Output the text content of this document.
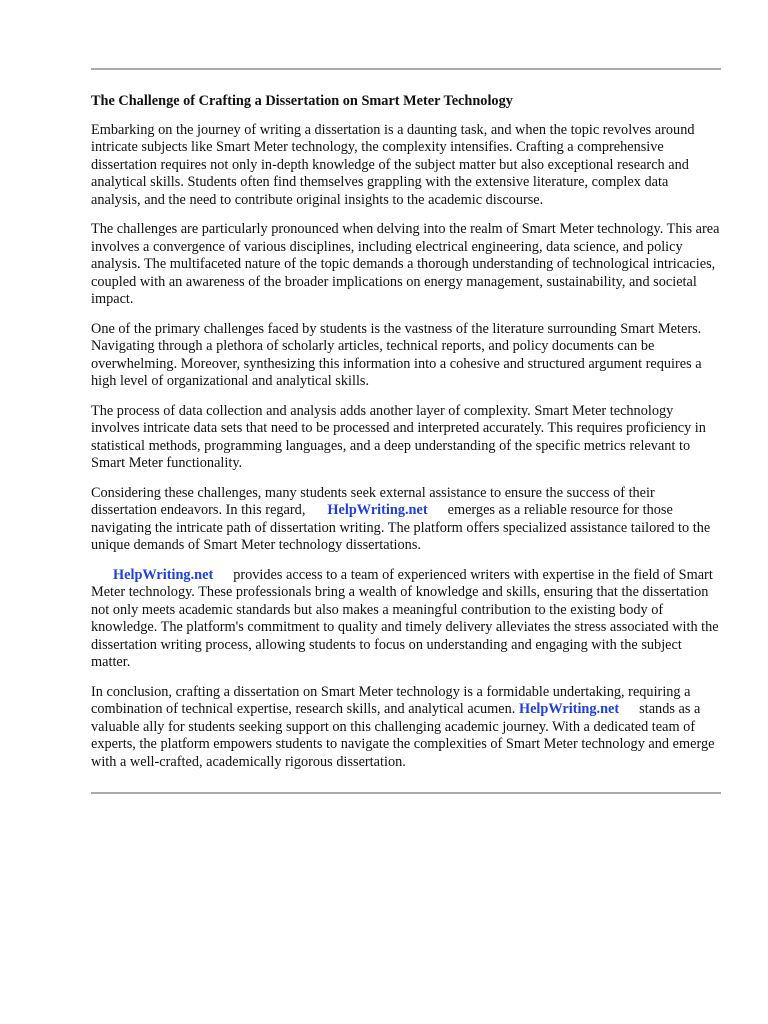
The Challenge of Crafting a Dissertation on Smart Meter Technology

Embarking on the journey of writing a dissertation is a daunting task, and when the topic revolves around intricate subjects like Smart Meter technology, the complexity intensifies. Crafting a comprehensive dissertation requires not only in-depth knowledge of the subject matter but also exceptional research and analytical skills. Students often find themselves grappling with the extensive literature, complex data analysis, and the need to contribute original insights to the academic discourse.

The challenges are particularly pronounced when delving into the realm of Smart Meter technology. This area involves a convergence of various disciplines, including electrical engineering, data science, and policy analysis. The multifaceted nature of the topic demands a thorough understanding of technological intricacies, coupled with an awareness of the broader implications on energy management, sustainability, and societal impact.

One of the primary challenges faced by students is the vastness of the literature surrounding Smart Meters. Navigating through a plethora of scholarly articles, technical reports, and policy documents can be overwhelming. Moreover, synthesizing this information into a cohesive and structured argument requires a high level of organizational and analytical skills.

The process of data collection and analysis adds another layer of complexity. Smart Meter technology involves intricate data sets that need to be processed and interpreted accurately. This requires proficiency in statistical methods, programming languages, and a deep understanding of the specific metrics relevant to Smart Meter functionality.

Considering these challenges, many students seek external assistance to ensure the success of their dissertation endeavors. In this regard, HelpWriting.net emerges as a reliable resource for those navigating the intricate path of dissertation writing. The platform offers specialized assistance tailored to the unique demands of Smart Meter technology dissertations.

HelpWriting.net provides access to a team of experienced writers with expertise in the field of Smart Meter technology. These professionals bring a wealth of knowledge and skills, ensuring that the dissertation not only meets academic standards but also makes a meaningful contribution to the existing body of knowledge. The platform's commitment to quality and timely delivery alleviates the stress associated with the dissertation writing process, allowing students to focus on understanding and engaging with the subject matter.

In conclusion, crafting a dissertation on Smart Meter technology is a formidable undertaking, requiring a combination of technical expertise, research skills, and analytical acumen. HelpWriting.net stands as a valuable ally for students seeking support on this challenging academic journey. With a dedicated team of experts, the platform empowers students to navigate the complexities of Smart Meter technology and emerge with a well-crafted, academically rigorous dissertation.
